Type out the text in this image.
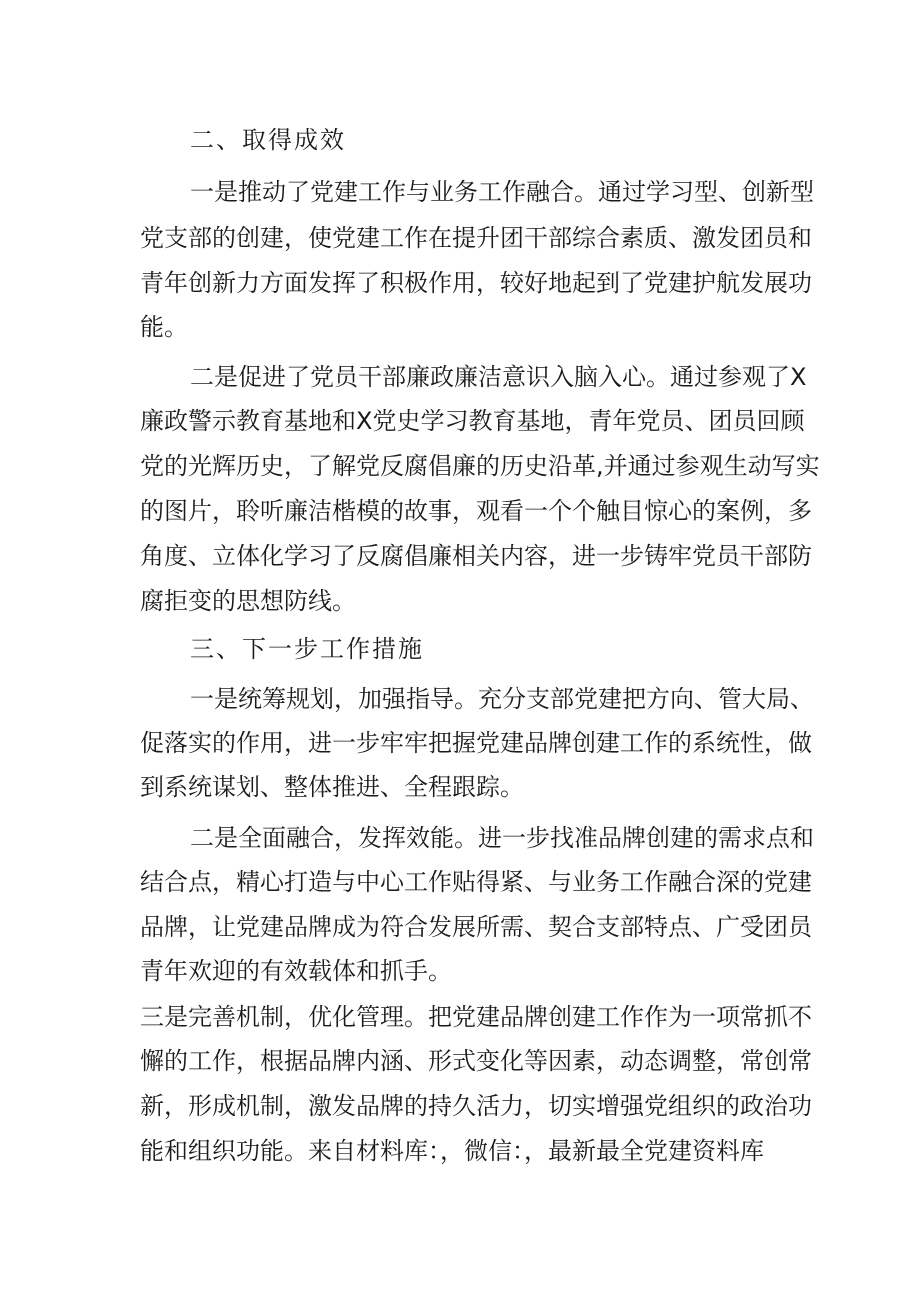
二、取得成效
一是推动了党建工作与业务工作融合。通过学习型、创新型
党支部的创建，使党建工作在提升团干部综合素质、激发团员和
青年创新力方面发挥了积极作用，较好地起到了党建护航发展功
能。
二是促进了党员干部廉政廉洁意识入脑入心。通过参观了X
廉政警示教育基地和X党史学习教育基地，青年党员、团员回顾
党的光辉历史，了解党反腐倡廉的历史沿革,并通过参观生动写实
的图片，聆听廉洁楷模的故事，观看一个个触目惊心的案例，多
角度、立体化学习了反腐倡廉相关内容，进一步铸牢党员干部防
腐拒变的思想防线。
三、下一步工作措施
一是统筹规划，加强指导。充分支部党建把方向、管大局、
促落实的作用，进一步牢牢把握党建品牌创建工作的系统性，做
到系统谋划、整体推进、全程跟踪。
二是全面融合，发挥效能。进一步找准品牌创建的需求点和
结合点，精心打造与中心工作贴得紧、与业务工作融合深的党建
品牌，让党建品牌成为符合发展所需、契合支部特点、广受团员
青年欢迎的有效载体和抓手。
三是完善机制，优化管理。把党建品牌创建工作作为一项常抓不
懈的工作，根据品牌内涵、形式变化等因素，动态调整，常创常
新，形成机制，激发品牌的持久活力，切实增强党组织的政治功
能和组织功能。来自材料库：，微信：，最新最全党建资料库
